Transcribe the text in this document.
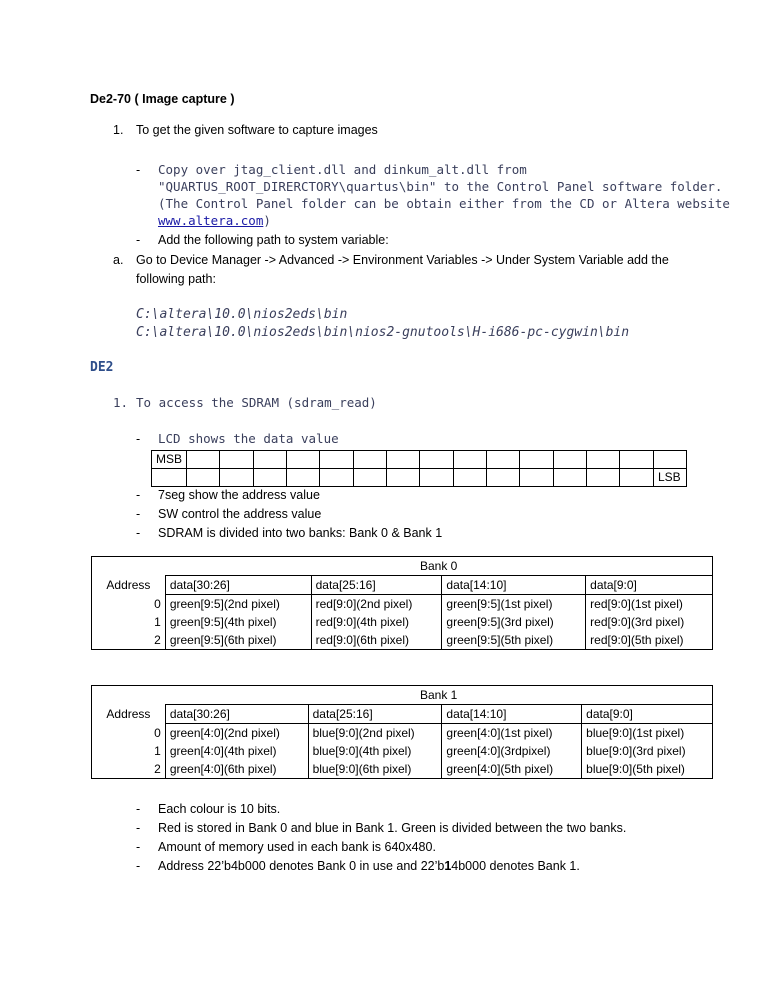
De2-70 ( Image capture )
1. To get the given software to capture images
- Copy over jtag_client.dll and dinkum_alt.dll from
"QUARTUS_ROOT_DIRERCTORY\quartus\bin" to the Control Panel software folder.
(The Control Panel folder can be obtain either from the CD or Altera website
www.altera.com)
- Add the following path to system variable:
a. Go to Device Manager -> Advanced -> Environment Variables -> Under System Variable add the
following path:
C:\altera\10.0\nios2eds\bin
C:\altera\10.0\nios2eds\bin\nios2-gnutools\H-i686-pc-cygwin\bin
DE2
1. To access the SDRAM (sdram_read)
- LCD shows the data value
MSB															
															LSB
- 7seg show the address value
- SW control the address value
- SDRAM is divided into two banks: Bank 0 & Bank 1
	Bank 0			
Address	data[30:26]	data[25:16]	data[14:10]	data[9:0]
0	green[9:5](2nd pixel)	red[9:0](2nd pixel)	green[9:5](1st pixel)	red[9:0](1st pixel)
1	green[9:5](4th pixel)	red[9:0](4th pixel)	green[9:5](3rd pixel)	red[9:0](3rd pixel)
2	green[9:5](6th pixel)	red[9:0](6th pixel)	green[9:5](5th pixel)	red[9:0](5th pixel)
	Bank 1			
Address	data[30:26]	data[25:16]	data[14:10]	data[9:0]
0	green[4:0](2nd pixel)	blue[9:0](2nd pixel)	green[4:0](1st pixel)	blue[9:0](1st pixel)
1	green[4:0](4th pixel)	blue[9:0](4th pixel)	green[4:0](3rdpixel)	blue[9:0](3rd pixel)
2	green[4:0](6th pixel)	blue[9:0](6th pixel)	green[4:0](5th pixel)	blue[9:0](5th pixel)
- Each colour is 10 bits.
- Red is stored in Bank 0 and blue in Bank 1. Green is divided between the two banks.
- Amount of memory used in each bank is 640x480.
- Address 22’b4b000 denotes Bank 0 in use and 22’b14b000 denotes Bank 1.
